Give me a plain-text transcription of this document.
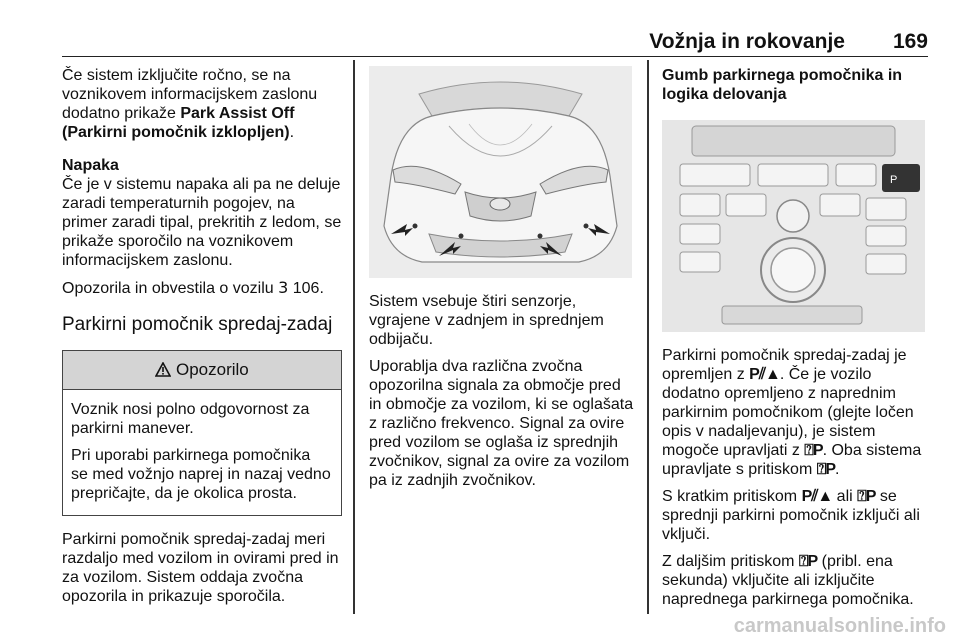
Vožnja in rokovanje 169

Če sistem izključite ročno, se na voznikovem informacijskem zaslonu dodatno prikaže Park Assist Off (Parkirni pomočnik izklopljen).

Napaka

Če je v sistemu napaka ali pa ne deluje zaradi temperaturnih pogojev, na primer zaradi tipal, prekritih z ledom, se prikaže sporočilo na voznikovem informacijskem zaslonu.

Opozorila in obvestila o vozilu 3 106.

Parkirni pomočnik spredaj-zadaj
Opozorilo

Voznik nosi polno odgovornost za parkirni manever.

Pri uporabi parkirnega pomočnika se med vožnjo naprej in nazaj vedno prepričajte, da je okolica prosta.

Parkirni pomočnik spredaj-zadaj meri razdaljo med vozilom in ovirami pred in za vozilom. Sistem oddaja zvočna opozorila in prikazuje sporočila.

Sistem vsebuje štiri senzorje, vgrajene v zadnjem in sprednjem odbijaču.

Uporablja dva različna zvočna opozorilna signala za območje pred in območje za vozilom, ki se oglašata z različno frekvenco. Signal za ovire pred vozilom se oglaša iz sprednjih zvočnikov, signal za ovire za vozilom pa iz zadnjih zvočnikov.

Gumb parkirnega pomočnika in logika delovanja

P

Parkirni pomočnik spredaj-zadaj je opremljen z P⫽▲. Če je vozilo dodatno opremljeno z naprednim parkirnim pomočnikom (glejte ločen opis v nadaljevanju), je sistem mogoče upravljati z ⍰P. Oba sistema upravljate s pritiskom ⍰P.

S kratkim pritiskom P⫽▲ ali ⍰P se sprednji parkirni pomočnik izključi ali vključi.

Z daljšim pritiskom ⍰P (pribl. ena sekunda) vključite ali izključite naprednega parkirnega pomočnika.

carmanualsonline.info
